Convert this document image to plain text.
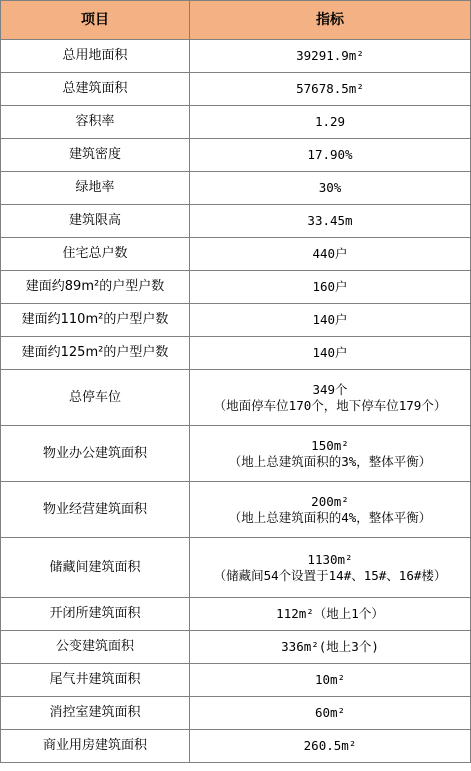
项目	指标
总用地面积	39291.9m²

总建筑面积	57678.5m²

容积率	1.29

建筑密度	17.90%

绿地率	30%

建筑限高	33.45m

住宅总户数	440户

建面约89m²的户型户数	160户

建面约110m²的户型户数	140户

建面约125m²的户型户数	140户

总停车位	349个
（地面停车位170个，地下停车位179个）

物业办公建筑面积	150m²
（地上总建筑面积的3%，整体平衡）

物业经营建筑面积	200m²
（地上总建筑面积的4%，整体平衡）

储藏间建筑面积	1130m²
（储藏间54个设置于14#、15#、16#楼）

开闭所建筑面积	112m²（地上1个）

公变建筑面积	336m²(地上3个)

尾气井建筑面积	10m²

消控室建筑面积	60m²

商业用房建筑面积	260.5m²
